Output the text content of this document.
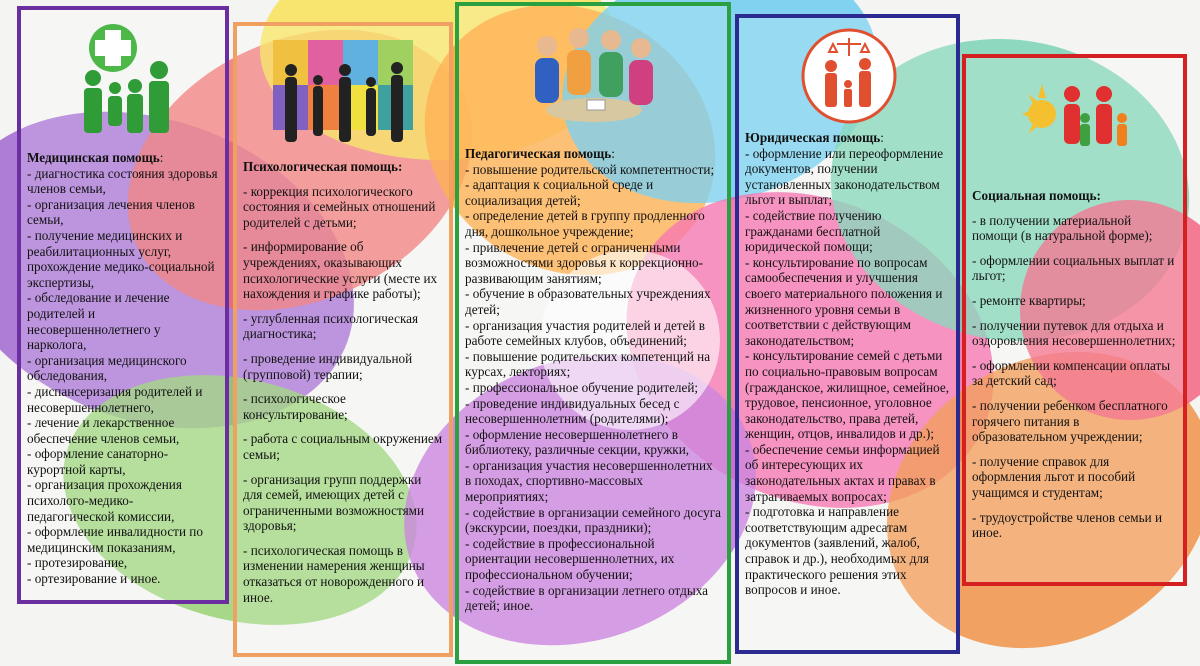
Медицинская помощь:
- диагностика состояния здоровья членов семьи,
- организация лечения членов семьи,
- получение медицинских и реабилитационных услуг, прохождение медико-социальной экспертизы,
- обследование и лечение родителей и несовершеннолетнего у нарколога,
- организация медицинского обследования,
- диспансеризация родителей и несовершеннолетнего,
- лечение и лекарственное обеспечение членов семьи,
- оформление санаторно-курортной карты,
- организация прохождения психолого-медико-педагогической комиссии,
- оформление инвалидности по медицинским показаниям,
- протезирование,
- ортезирование и иное.
Психологическая помощь:
- коррекция психологического состояния и семейных отношений родителей с детьми;
- информирование об учреждениях, оказывающих психологические услуги (месте их нахождения и графике работы);
- углубленная психологическая диагностика;
- проведение индивидуальной (групповой) терапии;
- психологическое консультирование;
- работа с социальным окружением семьи;
- организация групп поддержки для семей, имеющих детей с ограниченными возможностями здоровья;
- психологическая помощь в изменении намерения женщины отказаться от новорожденного и иное.
Педагогическая помощь:
- повышение родительской компетентности;
- адаптация к социальной среде и социализация детей;
- определение детей в группу продленного дня, дошкольное учреждение;
- привлечение детей с ограниченными возможностями здоровья к коррекционно-развивающим занятиям;
- обучение в образовательных учреждениях детей;
- организация участия родителей и детей в работе семейных клубов, объединений;
- повышение родительских компетенций на курсах, лекториях;
- профессиональное обучение родителей;
- проведение индивидуальных бесед с несовершеннолетним (родителями);
- оформление несовершеннолетнего в библиотеку, различные секции, кружки,
- организация участия несовершеннолетних в походах, спортивно-массовых мероприятиях;
- содействие в организации семейного досуга (экскурсии, поездки, праздники);
- содействие в профессиональной ориентации несовершеннолетних, их профессиональном обучении;
- содействие в организации летнего отдыха детей; иное.
Юридическая помощь:
- оформление или переоформление документов, получении установленных законодательством льгот и выплат;
- содействие получению гражданами бесплатной юридической помощи;
- консультирование по вопросам самообеспечения и улучшения своего материального положения и жизненного уровня семьи в соответствии с действующим законодательством;
- консультирование семей с детьми по социально-правовым вопросам (гражданское, жилищное, семейное, трудовое, пенсионное, уголовное законодательство, права детей, женщин, отцов, инвалидов и др.);
- обеспечение семьи информацией об интересующих их законодательных актах и правах в затрагиваемых вопросах;
- подготовка и направление соответствующим адресатам документов (заявлений, жалоб, справок и др.), необходимых для практического решения этих вопросов и иное.
Социальная помощь:
- в получении материальной помощи (в натуральной форме);
- оформлении социальных выплат и льгот;
- ремонте квартиры;
- получении путевок для отдыха и оздоровления несовершеннолетних;
- оформлении компенсации оплаты за детский сад;
- получении ребенком бесплатного горячего питания в образовательном учреждении;
- получение справок для оформления льгот и пособий учащимся и студентам;
- трудоустройстве членов семьи и иное.
